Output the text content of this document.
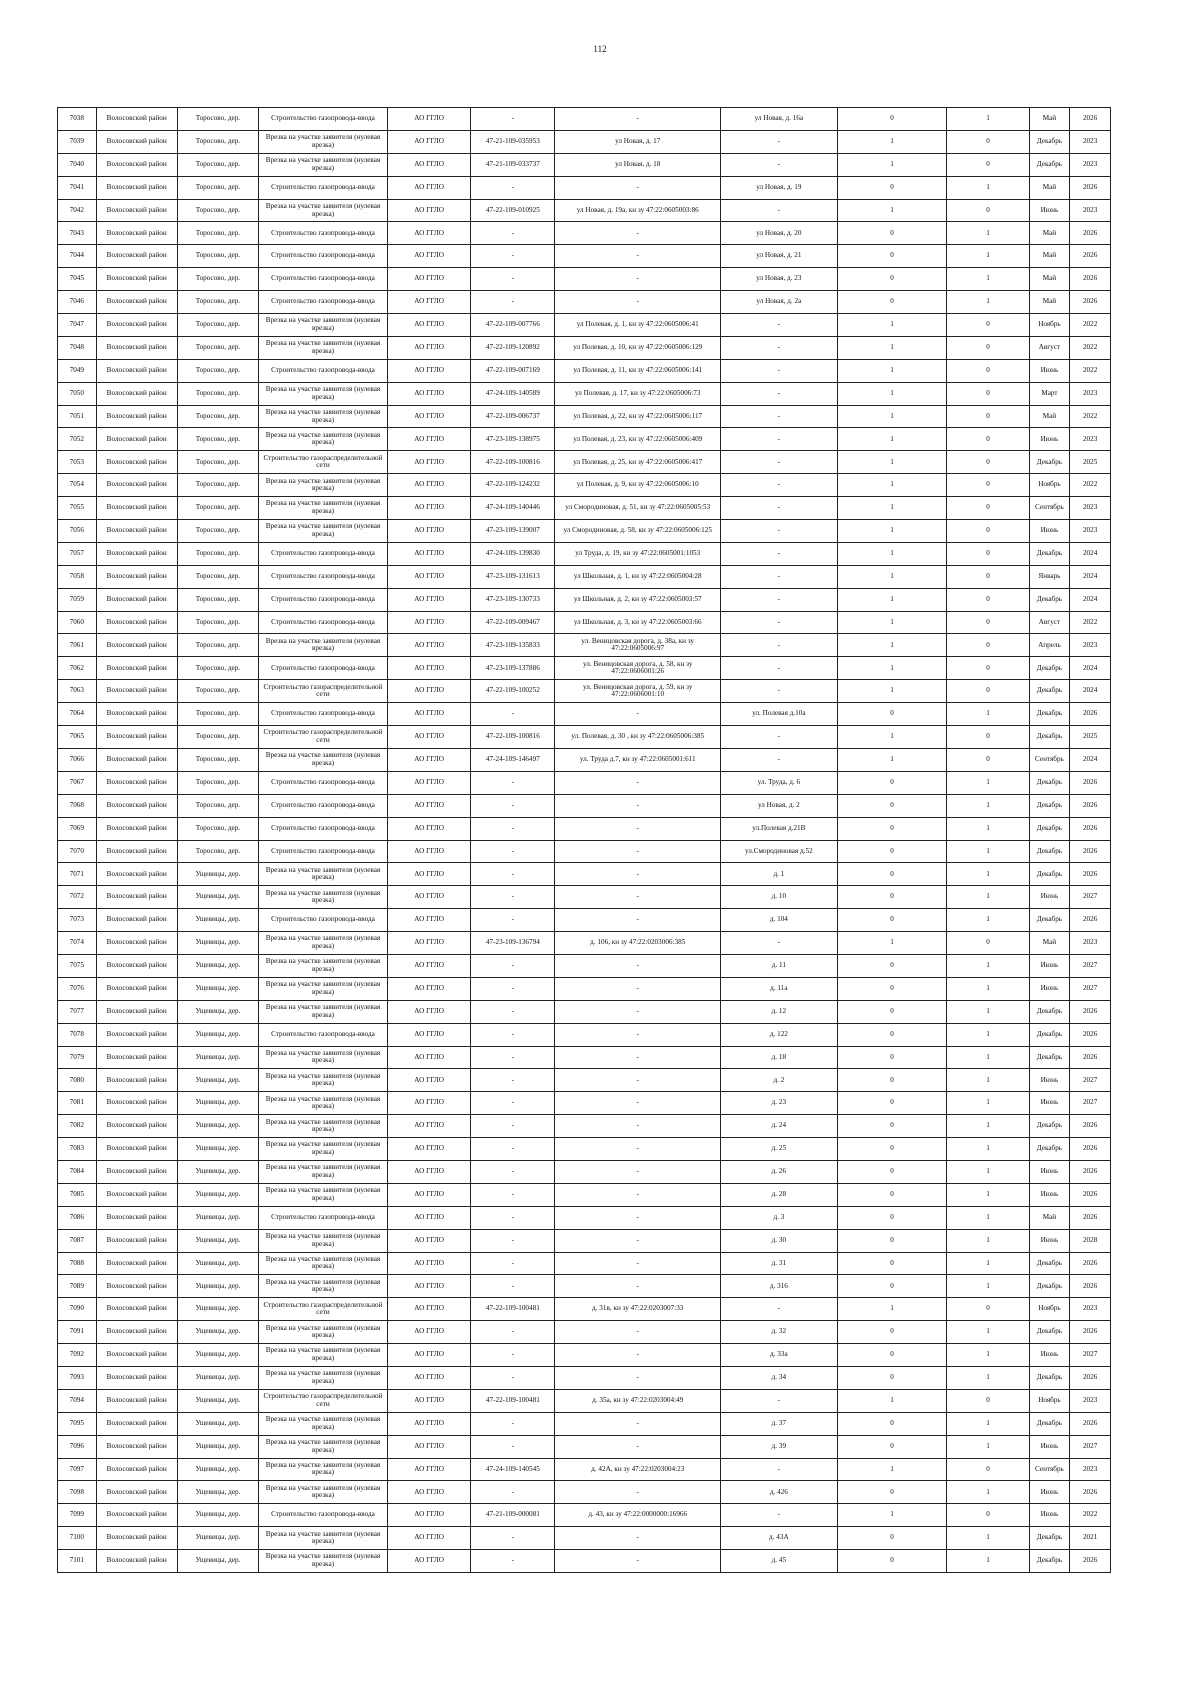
112
7038	Волосовский район	Торосово, дер.	Строительство газопровода-ввода	АО ГГЛО	-	-	ул Новая, д. 16а	0	1	Май	2026
7039	Волосовский район	Торосово, дер.	Врезка на участке заявителя (нулевая врезка)	АО ГГЛО	47-21-109-035953	ул Новая, д. 17	-	1	0	Декабрь	2023
7040	Волосовский район	Торосово, дер.	Врезка на участке заявителя (нулевая врезка)	АО ГГЛО	47-21-109-033737	ул Новая, д. 18	-	1	0	Декабрь	2023
7041	Волосовский район	Торосово, дер.	Строительство газопровода-ввода	АО ГГЛО	-	-	ул Новая, д. 19	0	1	Май	2026
7042	Волосовский район	Торосово, дер.	Врезка на участке заявителя (нулевая врезка)	АО ГГЛО	47-22-109-010925	ул Новая, д. 19а, кн зу 47:22:0605003:86	-	1	0	Июнь	2023
7043	Волосовский район	Торосово, дер.	Строительство газопровода-ввода	АО ГГЛО	-	-	ул Новая, д. 20	0	1	Май	2026
7044	Волосовский район	Торосово, дер.	Строительство газопровода-ввода	АО ГГЛО	-	-	ул Новая, д. 21	0	1	Май	2026
7045	Волосовский район	Торосово, дер.	Строительство газопровода-ввода	АО ГГЛО	-	-	ул Новая, д. 23	0	1	Май	2026
7046	Волосовский район	Торосово, дер.	Строительство газопровода-ввода	АО ГГЛО	-	-	ул Новая, д. 2а	0	1	Май	2026
7047	Волосовский район	Торосово, дер.	Врезка на участке заявителя (нулевая врезка)	АО ГГЛО	47-22-109-007766	ул Полевая, д. 1, кн зу 47:22:0605006:41	-	1	0	Ноябрь	2022
7048	Волосовский район	Торосово, дер.	Врезка на участке заявителя (нулевая врезка)	АО ГГЛО	47-22-109-120892	ул Полевая, д. 10, кн зу 47:22:0605006:129	-	1	0	Август	2022
7049	Волосовский район	Торосово, дер.	Строительство газопровода-ввода	АО ГГЛО	47-22-109-007169	ул Полевая, д. 11, кн зу 47:22:0605006:141	-	1	0	Июнь	2022
7050	Волосовский район	Торосово, дер.	Врезка на участке заявителя (нулевая врезка)	АО ГГЛО	47-24-109-140589	ул Полевая, д. 17, кн зу 47:22:0605006:73	-	1	0	Март	2023
7051	Волосовский район	Торосово, дер.	Врезка на участке заявителя (нулевая врезка)	АО ГГЛО	47-22-109-006737	ул Полевая, д. 22, кн зу 47:22:0605006:117	-	1	0	Май	2022
7052	Волосовский район	Торосово, дер.	Врезка на участке заявителя (нулевая врезка)	АО ГГЛО	47-23-109-138975	ул Полевая, д. 23, кн зу 47:22:0605006:409	-	1	0	Июнь	2023
7053	Волосовский район	Торосово, дер.	Строительство газораспределительной сети	АО ГГЛО	47-22-109-100816	ул Полевая, д. 25, кн зу 47:22:0605006:417	-	1	0	Декабрь	2025
7054	Волосовский район	Торосово, дер.	Врезка на участке заявителя (нулевая врезка)	АО ГГЛО	47-22-109-124232	ул Полевая, д. 9, кн зу 47:22:0605006:10	-	1	0	Ноябрь	2022
7055	Волосовский район	Торосово, дер.	Врезка на участке заявителя (нулевая врезка)	АО ГГЛО	47-24-109-140446	ул Смородиновая, д. 51, кн зу 47:22:0605005:53	-	1	0	Сентябрь	2023
7056	Волосовский район	Торосово, дер.	Врезка на участке заявителя (нулевая врезка)	АО ГГЛО	47-23-109-139007	ул Смородиновая, д. 58, кн зу 47:22:0605006:125	-	1	0	Июнь	2023
7057	Волосовский район	Торосово, дер.	Строительство газопровода-ввода	АО ГГЛО	47-24-109-139830	ул Труда, д. 19, кн зу 47:22:0605001:1053	-	1	0	Декабрь	2024
7058	Волосовский район	Торосово, дер.	Строительство газопровода-ввода	АО ГГЛО	47-23-109-131613	ул Школьная, д. 1, кн зу 47:22:0605004:28	-	1	0	Январь	2024
7059	Волосовский район	Торосово, дер.	Строительство газопровода-ввода	АО ГГЛО	47-23-109-130733	ул Школьная, д. 2, кн зу 47:22:0605003:57	-	1	0	Декабрь	2024
7060	Волосовский район	Торосово, дер.	Строительство газопровода-ввода	АО ГГЛО	47-22-109-009467	ул Школьная, д. 3, кн зу 47:22:0605003:66	-	1	0	Август	2022
7061	Волосовский район	Торосово, дер.	Врезка на участке заявителя (нулевая врезка)	АО ГГЛО	47-23-109-135833	ул. Веницовская дорога, д. 38а, кн зу 47:22:0605006:97	-	1	0	Апрель	2023
7062	Волосовский район	Торосово, дер.	Строительство газопровода-ввода	АО ГГЛО	47-23-109-137886	ул. Веницовская дорога, д. 58, кн зу 47:22:0606001:26	-	1	0	Декабрь	2024
7063	Волосовский район	Торосово, дер.	Строительство газораспределительной сети	АО ГГЛО	47-22-109-100252	ул. Веницовская дорога, д. 59, кн зу 47:22:0606001:10	-	1	0	Декабрь	2024
7064	Волосовский район	Торосово, дер.	Строительство газопровода-ввода	АО ГГЛО	-	-	ул. Полевая д.10а	0	1	Декабрь	2026
7065	Волосовский район	Торосово, дер.	Строительство газораспределительной сети	АО ГГЛО	47-22-109-100816	ул. Полевая, д. 30 , кн зу 47:22:0605006:385	-	1	0	Декабрь	2025
7066	Волосовский район	Торосово, дер.	Врезка на участке заявителя (нулевая врезка)	АО ГГЛО	47-24-109-146497	ул. Труда д.7, кн зу 47:22:0605001:611	-	1	0	Сентябрь	2024
7067	Волосовский район	Торосово, дер.	Строительство газопровода-ввода	АО ГГЛО	-	-	ул. Труда, д. 6	0	1	Декабрь	2026
7068	Волосовский район	Торосово, дер.	Строительство газопровода-ввода	АО ГГЛО	-	-	ул Новая, д. 2	0	1	Декабрь	2026
7069	Волосовский район	Торосово, дер.	Строительство газопровода-ввода	АО ГГЛО	-	-	ул.Полевая д.21В	0	1	Декабрь	2026
7070	Волосовский район	Торосово, дер.	Строительство газопровода-ввода	АО ГГЛО	-	-	ул.Смородиновая д.52	0	1	Декабрь	2026
7071	Волосовский район	Ущевицы, дер.	Врезка на участке заявителя (нулевая врезка)	АО ГГЛО	-	-	д. 1	0	1	Декабрь	2026
7072	Волосовский район	Ущевицы, дер.	Врезка на участке заявителя (нулевая врезка)	АО ГГЛО	-	-	д. 10	0	1	Июнь	2027
7073	Волосовский район	Ущевицы, дер.	Строительство газопровода-ввода	АО ГГЛО	-	-	д. 104	0	1	Декабрь	2026
7074	Волосовский район	Ущевицы, дер.	Врезка на участке заявителя (нулевая врезка)	АО ГГЛО	47-23-109-136794	д. 106, кн зу 47:22:0203006:385	-	1	0	Май	2023
7075	Волосовский район	Ущевицы, дер.	Врезка на участке заявителя (нулевая врезка)	АО ГГЛО	-	-	д. 11	0	1	Июнь	2027
7076	Волосовский район	Ущевицы, дер.	Врезка на участке заявителя (нулевая врезка)	АО ГГЛО	-	-	д. 11а	0	1	Июнь	2027
7077	Волосовский район	Ущевицы, дер.	Врезка на участке заявителя (нулевая врезка)	АО ГГЛО	-	-	д. 12	0	1	Декабрь	2026
7078	Волосовский район	Ущевицы, дер.	Строительство газопровода-ввода	АО ГГЛО	-	-	д. 122	0	1	Декабрь	2026
7079	Волосовский район	Ущевицы, дер.	Врезка на участке заявителя (нулевая врезка)	АО ГГЛО	-	-	д. 18	0	1	Декабрь	2026
7080	Волосовский район	Ущевицы, дер.	Врезка на участке заявителя (нулевая врезка)	АО ГГЛО	-	-	д. 2	0	1	Июнь	2027
7081	Волосовский район	Ущевицы, дер.	Врезка на участке заявителя (нулевая врезка)	АО ГГЛО	-	-	д. 23	0	1	Июнь	2027
7082	Волосовский район	Ущевицы, дер.	Врезка на участке заявителя (нулевая врезка)	АО ГГЛО	-	-	д. 24	0	1	Декабрь	2026
7083	Волосовский район	Ущевицы, дер.	Врезка на участке заявителя (нулевая врезка)	АО ГГЛО	-	-	д. 25	0	1	Декабрь	2026
7084	Волосовский район	Ущевицы, дер.	Врезка на участке заявителя (нулевая врезка)	АО ГГЛО	-	-	д. 26	0	1	Июнь	2026
7085	Волосовский район	Ущевицы, дер.	Врезка на участке заявителя (нулевая врезка)	АО ГГЛО	-	-	д. 28	0	1	Июнь	2026
7086	Волосовский район	Ущевицы, дер.	Строительство газопровода-ввода	АО ГГЛО	-	-	д. 3	0	1	Май	2026
7087	Волосовский район	Ущевицы, дер.	Врезка на участке заявителя (нулевая врезка)	АО ГГЛО	-	-	д. 30	0	1	Июнь	2028
7088	Волосовский район	Ущевицы, дер.	Врезка на участке заявителя (нулевая врезка)	АО ГГЛО	-	-	д. 31	0	1	Декабрь	2026
7089	Волосовский район	Ущевицы, дер.	Врезка на участке заявителя (нулевая врезка)	АО ГГЛО	-	-	д. 316	0	1	Декабрь	2026
7090	Волосовский район	Ущевицы, дер.	Строительство газораспределительной сети	АО ГГЛО	47-22-109-100481	д. 31в, кн зу 47:22:0203007:33	-	1	0	Ноябрь	2023
7091	Волосовский район	Ущевицы, дер.	Врезка на участке заявителя (нулевая врезка)	АО ГГЛО	-	-	д. 32	0	1	Декабрь	2026
7092	Волосовский район	Ущевицы, дер.	Врезка на участке заявителя (нулевая врезка)	АО ГГЛО	-	-	д. 33а	0	1	Июнь	2027
7093	Волосовский район	Ущевицы, дер.	Врезка на участке заявителя (нулевая врезка)	АО ГГЛО	-	-	д. 34	0	1	Декабрь	2026
7094	Волосовский район	Ущевицы, дер.	Строительство газораспределительной сети	АО ГГЛО	47-22-109-100481	д. 35а, кн зу 47:22:0203004:49	-	1	0	Ноябрь	2023
7095	Волосовский район	Ущевицы, дер.	Врезка на участке заявителя (нулевая врезка)	АО ГГЛО	-	-	д. 37	0	1	Декабрь	2026
7096	Волосовский район	Ущевицы, дер.	Врезка на участке заявителя (нулевая врезка)	АО ГГЛО	-	-	д. 39	0	1	Июнь	2027
7097	Волосовский район	Ущевицы, дер.	Врезка на участке заявителя (нулевая врезка)	АО ГГЛО	47-24-109-140545	д. 42А, кн зу 47:22:0203004:23	-	1	0	Сентябрь	2023
7098	Волосовский район	Ущевицы, дер.	Врезка на участке заявителя (нулевая врезка)	АО ГГЛО	-	-	д. 426	0	1	Июнь	2026
7099	Волосовский район	Ущевицы, дер.	Строительство газопровода-ввода	АО ГГЛО	47-21-109-000081	д. 43, кн зу 47:22:0000000:16966	-	1	0	Июнь	2022
7100	Волосовский район	Ущевицы, дер.	Врезка на участке заявителя (нулевая врезка)	АО ГГЛО	-	-	д. 43А	0	1	Декабрь	2021
7101	Волосовский район	Ущевицы, дер.	Врезка на участке заявителя (нулевая врезка)	АО ГГЛО	-	-	д. 45	0	1	Декабрь	2026
